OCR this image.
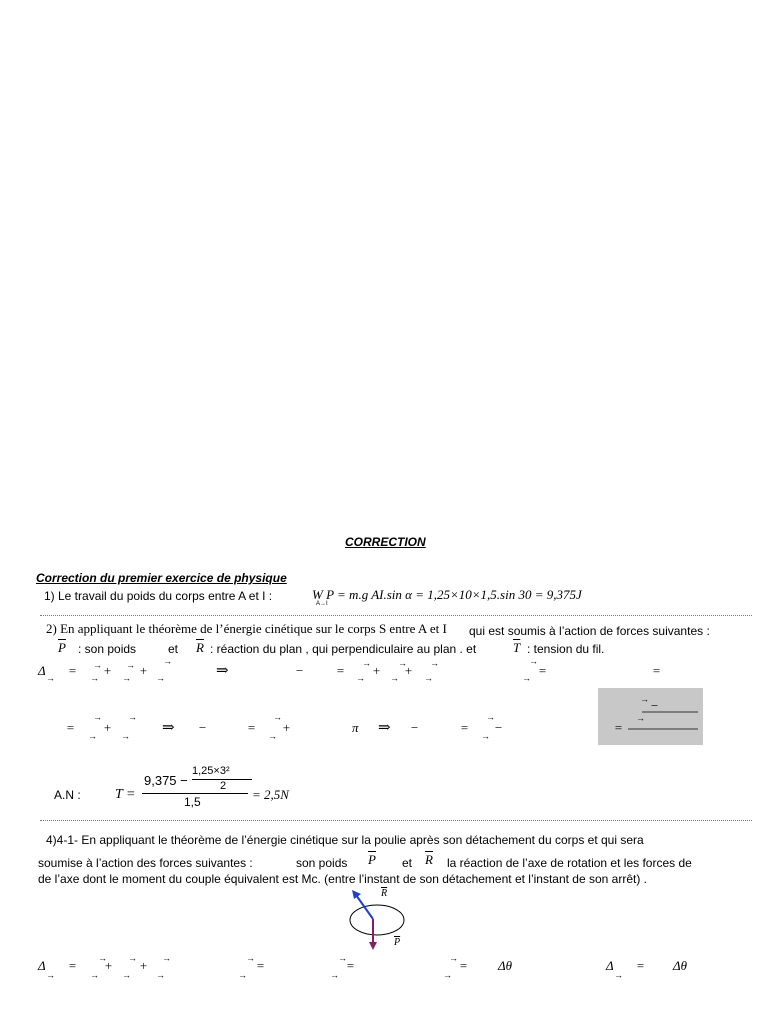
CORRECTION
Correction du premier exercice de physique
1) Le travail du poids du corps entre A et I :	W P = m.g AI.sin α = 1,25×10×1,5.sin 30 = 9,375J
A→I
2) En appliquant le théorème de l’énergie cinétique sur le corps S entre A et I qui est soumis à l’action de forces suivantes :
$\overline{P}$ : son poids	et $\overline{R}$ : réaction du plan , qui perpendiculaire au plan . et	$\overline{T}$ : tension du fil.
Δ → = →
→ + →
→ +
→
→	⇒	− = →
→ + →
→ + →
→
→
=
→	=
=
→
→
+
→
→ ⇒ −	=
→
→
+	π ⇒ −	=
→
→
−
→ −
→
=
A.N : T =
9,375 −
1,25×3²
2
1,5	= 2,5N
4)4-1- En appliquant le théorème de l’énergie cinétique sur la poulie après son détachement du corps et qui sera
soumise à l’action des forces suivantes :	son poids $\overline{P}$ et $\overline{R}$ la réaction de l’axe de rotation et les forces de
de l’axe dont le moment du couple équivalent est Mc. (entre l’instant de son détachement et l’instant de son arrêt) .
$\overline{R}$
$\overline{P}$
Δ
→
= →
→
+ →
→
+ →
→
→ =
→
→ =
→
→ =
→
Δθ	Δ
→
= Δθ
